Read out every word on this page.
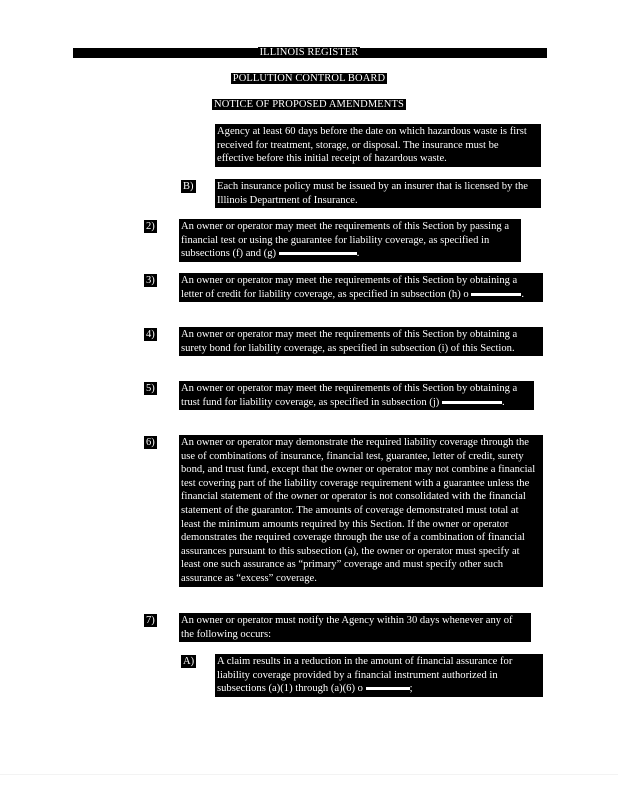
ILLINOIS REGISTER
POLLUTION CONTROL BOARD
NOTICE OF PROPOSED AMENDMENTS

Agency at least 60 days before the date on which hazardous waste is first received for treatment, storage, or disposal. The insurance must be effective before this initial receipt of hazardous waste.

B) Each insurance policy must be issued by an insurer that is licensed by the Illinois Department of Insurance.

2) An owner or operator may meet the requirements of this Section by passing a financial test or using the guarantee for liability coverage, as specified in subsections (f) and (g)	.

3) An owner or operator may meet the requirements of this Section by obtaining a letter of credit for liability coverage, as specified in subsection (h) o	.

4) An owner or operator may meet the requirements of this Section by obtaining a surety bond for liability coverage, as specified in subsection (i) of this Section.

5) An owner or operator may meet the requirements of this Section by obtaining a trust fund for liability coverage, as specified in subsection (j)	.

6) An owner or operator may demonstrate the required liability coverage through the use of combinations of insurance, financial test, guarantee, letter of credit, surety bond, and trust fund, except that the owner or operator may not combine a financial test covering part of the liability coverage requirement with a guarantee unless the financial statement of the owner or operator is not consolidated with the financial statement of the guarantor. The amounts of coverage demonstrated must total at least the minimum amounts required by this Section. If the owner or operator demonstrates the required coverage through the use of a combination of financial assurances pursuant to this subsection (a), the owner or operator must specify at least one such assurance as “primary” coverage and must specify other such assurance as “excess” coverage.

7) An owner or operator must notify the Agency within 30 days whenever any of the following occurs:

A) A claim results in a reduction in the amount of financial assurance for liability coverage provided by a financial instrument authorized in subsections (a)(1) through (a)(6) o	;
